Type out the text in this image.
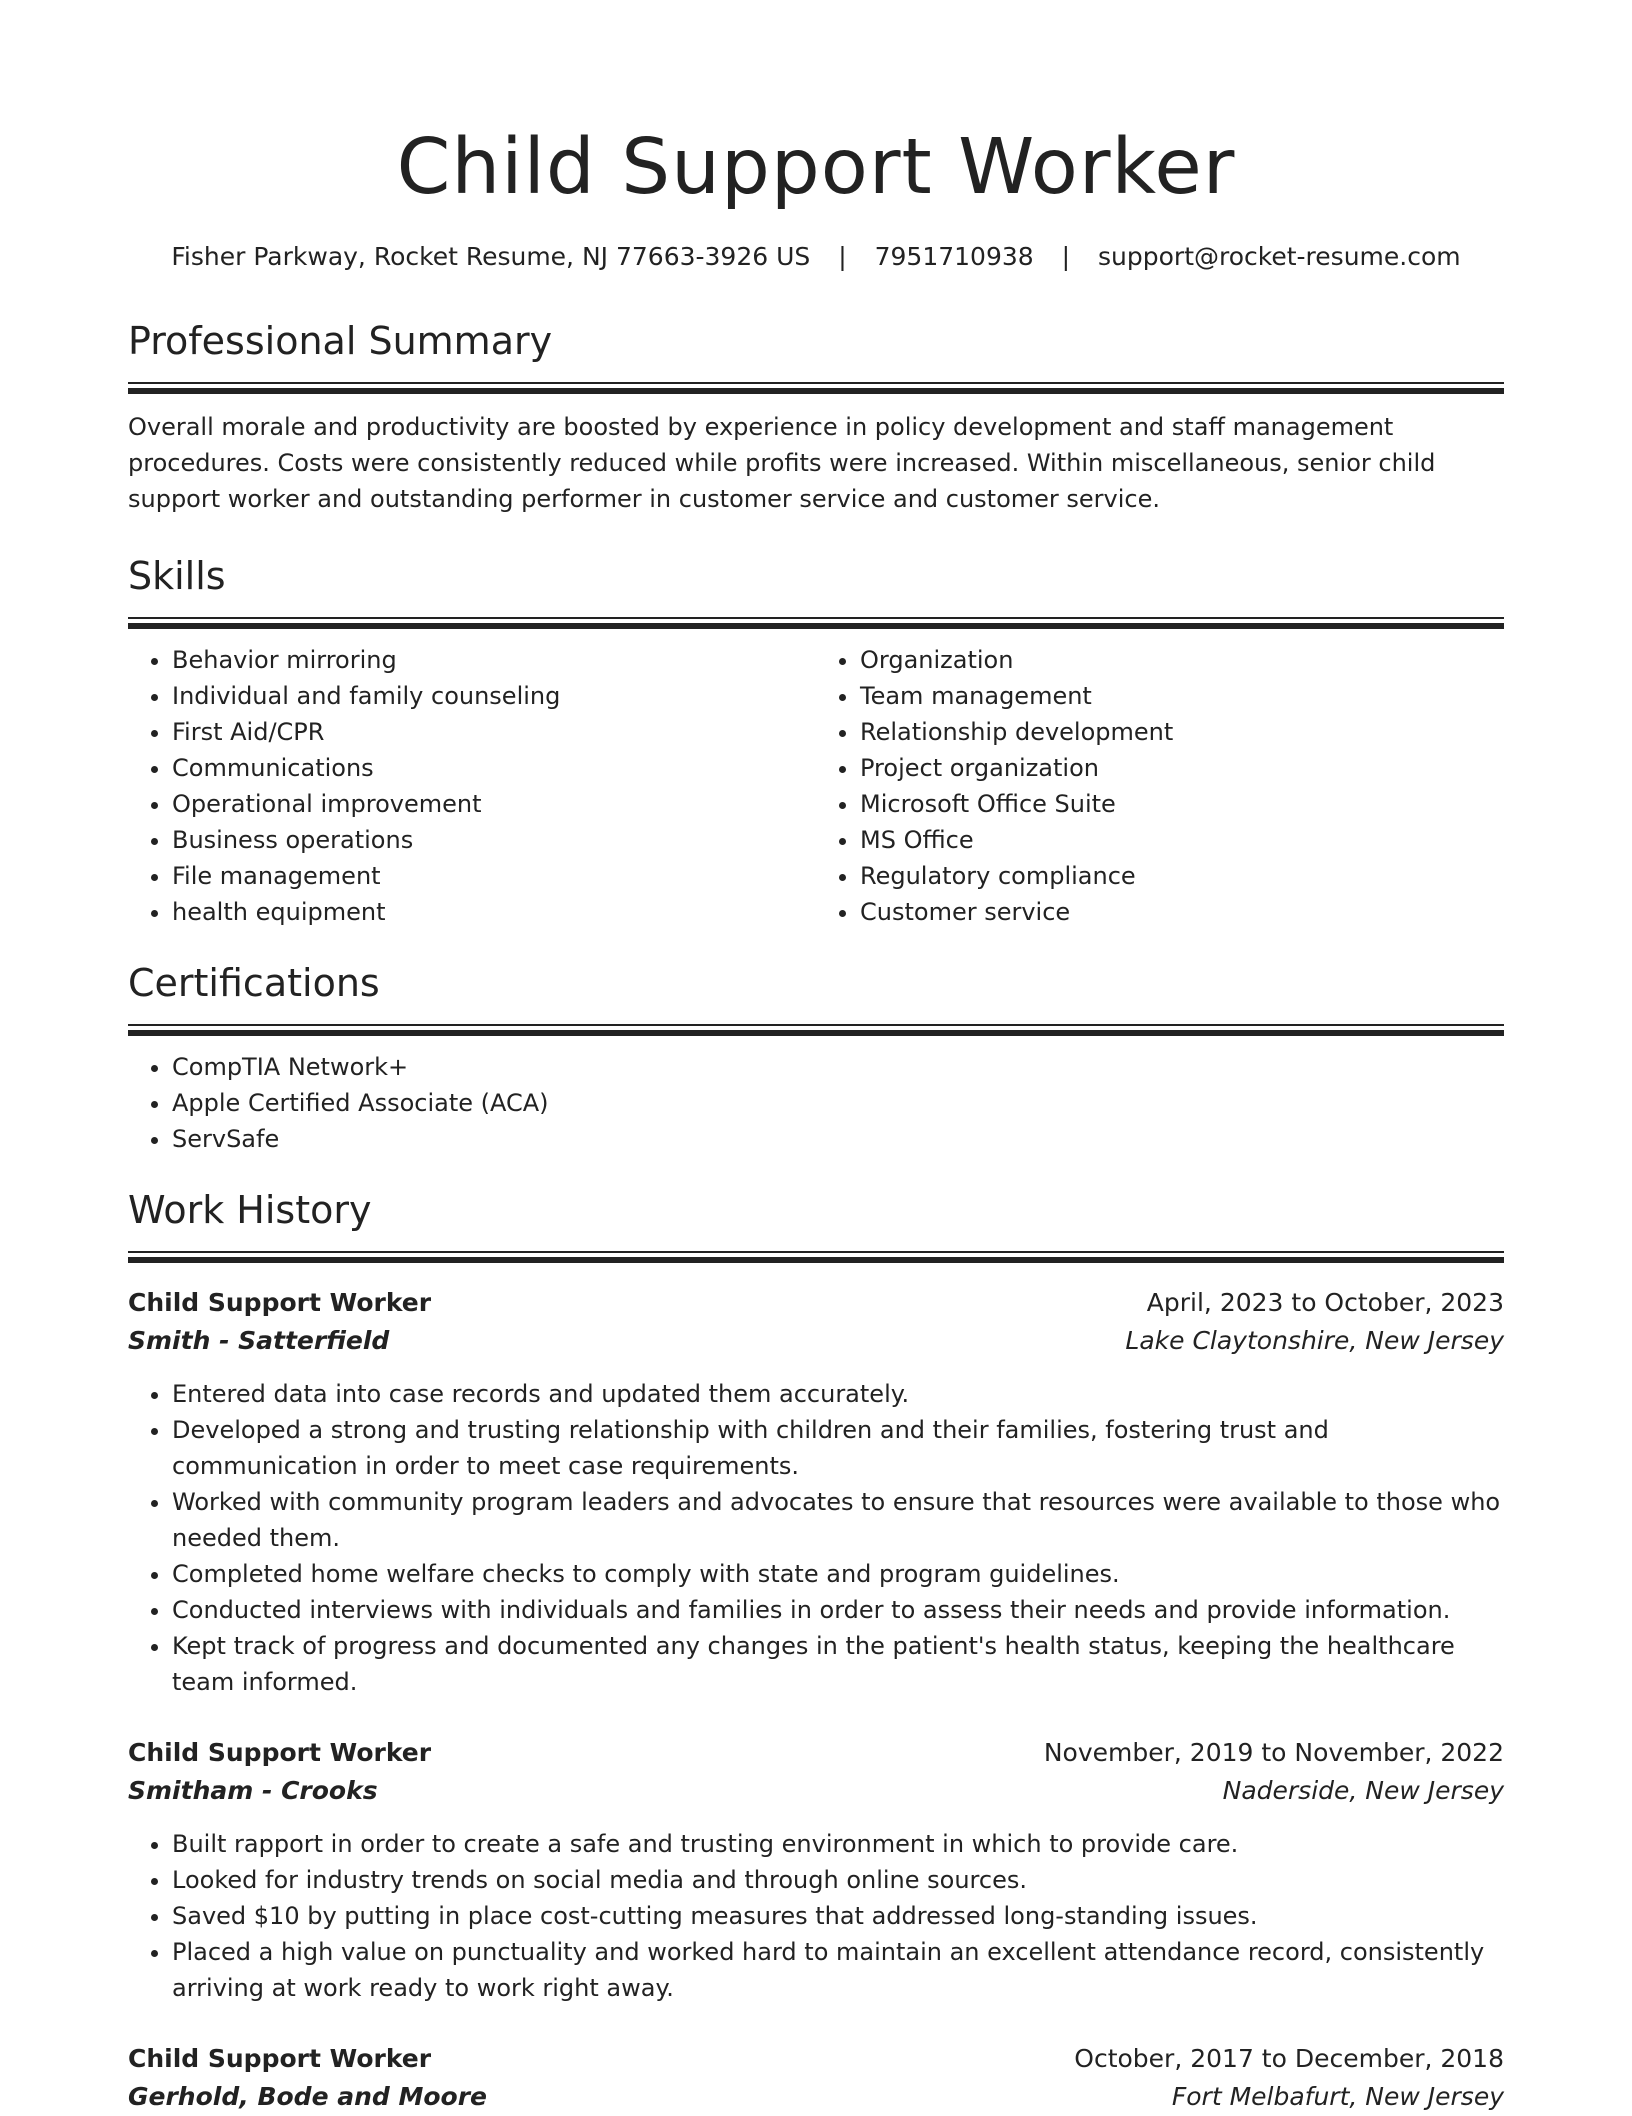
Child Support Worker
Fisher Parkway, Rocket Resume, NJ 77663-3926 US | 7951710938 | support@rocket-resume.com
Professional Summary
Overall morale and productivity are boosted by experience in policy development and staff management procedures. Costs were consistently reduced while profits were increased. Within miscellaneous, senior child support worker and outstanding performer in customer service and customer service.
Skills
• Behavior mirroring
• Individual and family counseling
• First Aid/CPR
• Communications
• Operational improvement
• Business operations
• File management
• health equipment
• Organization
• Team management
• Relationship development
• Project organization
• Microsoft Office Suite
• MS Office
• Regulatory compliance
• Customer service
Certifications
• CompTIA Network+
• Apple Certified Associate (ACA)
• ServSafe
Work History
Child Support Worker	April, 2023 to October, 2023
Smith - Satterfield	Lake Claytonshire, New Jersey
• Entered data into case records and updated them accurately.
• Developed a strong and trusting relationship with children and their families, fostering trust and communication in order to meet case requirements.
• Worked with community program leaders and advocates to ensure that resources were available to those who needed them.
• Completed home welfare checks to comply with state and program guidelines.
• Conducted interviews with individuals and families in order to assess their needs and provide information.
• Kept track of progress and documented any changes in the patient's health status, keeping the healthcare team informed.
Child Support Worker	November, 2019 to November, 2022
Smitham - Crooks	Naderside, New Jersey
• Built rapport in order to create a safe and trusting environment in which to provide care.
• Looked for industry trends on social media and through online sources.
• Saved $10 by putting in place cost-cutting measures that addressed long-standing issues.
• Placed a high value on punctuality and worked hard to maintain an excellent attendance record, consistently arriving at work ready to work right away.
Child Support Worker	October, 2017 to December, 2018
Gerhold, Bode and Moore	Fort Melbafurt, New Jersey
